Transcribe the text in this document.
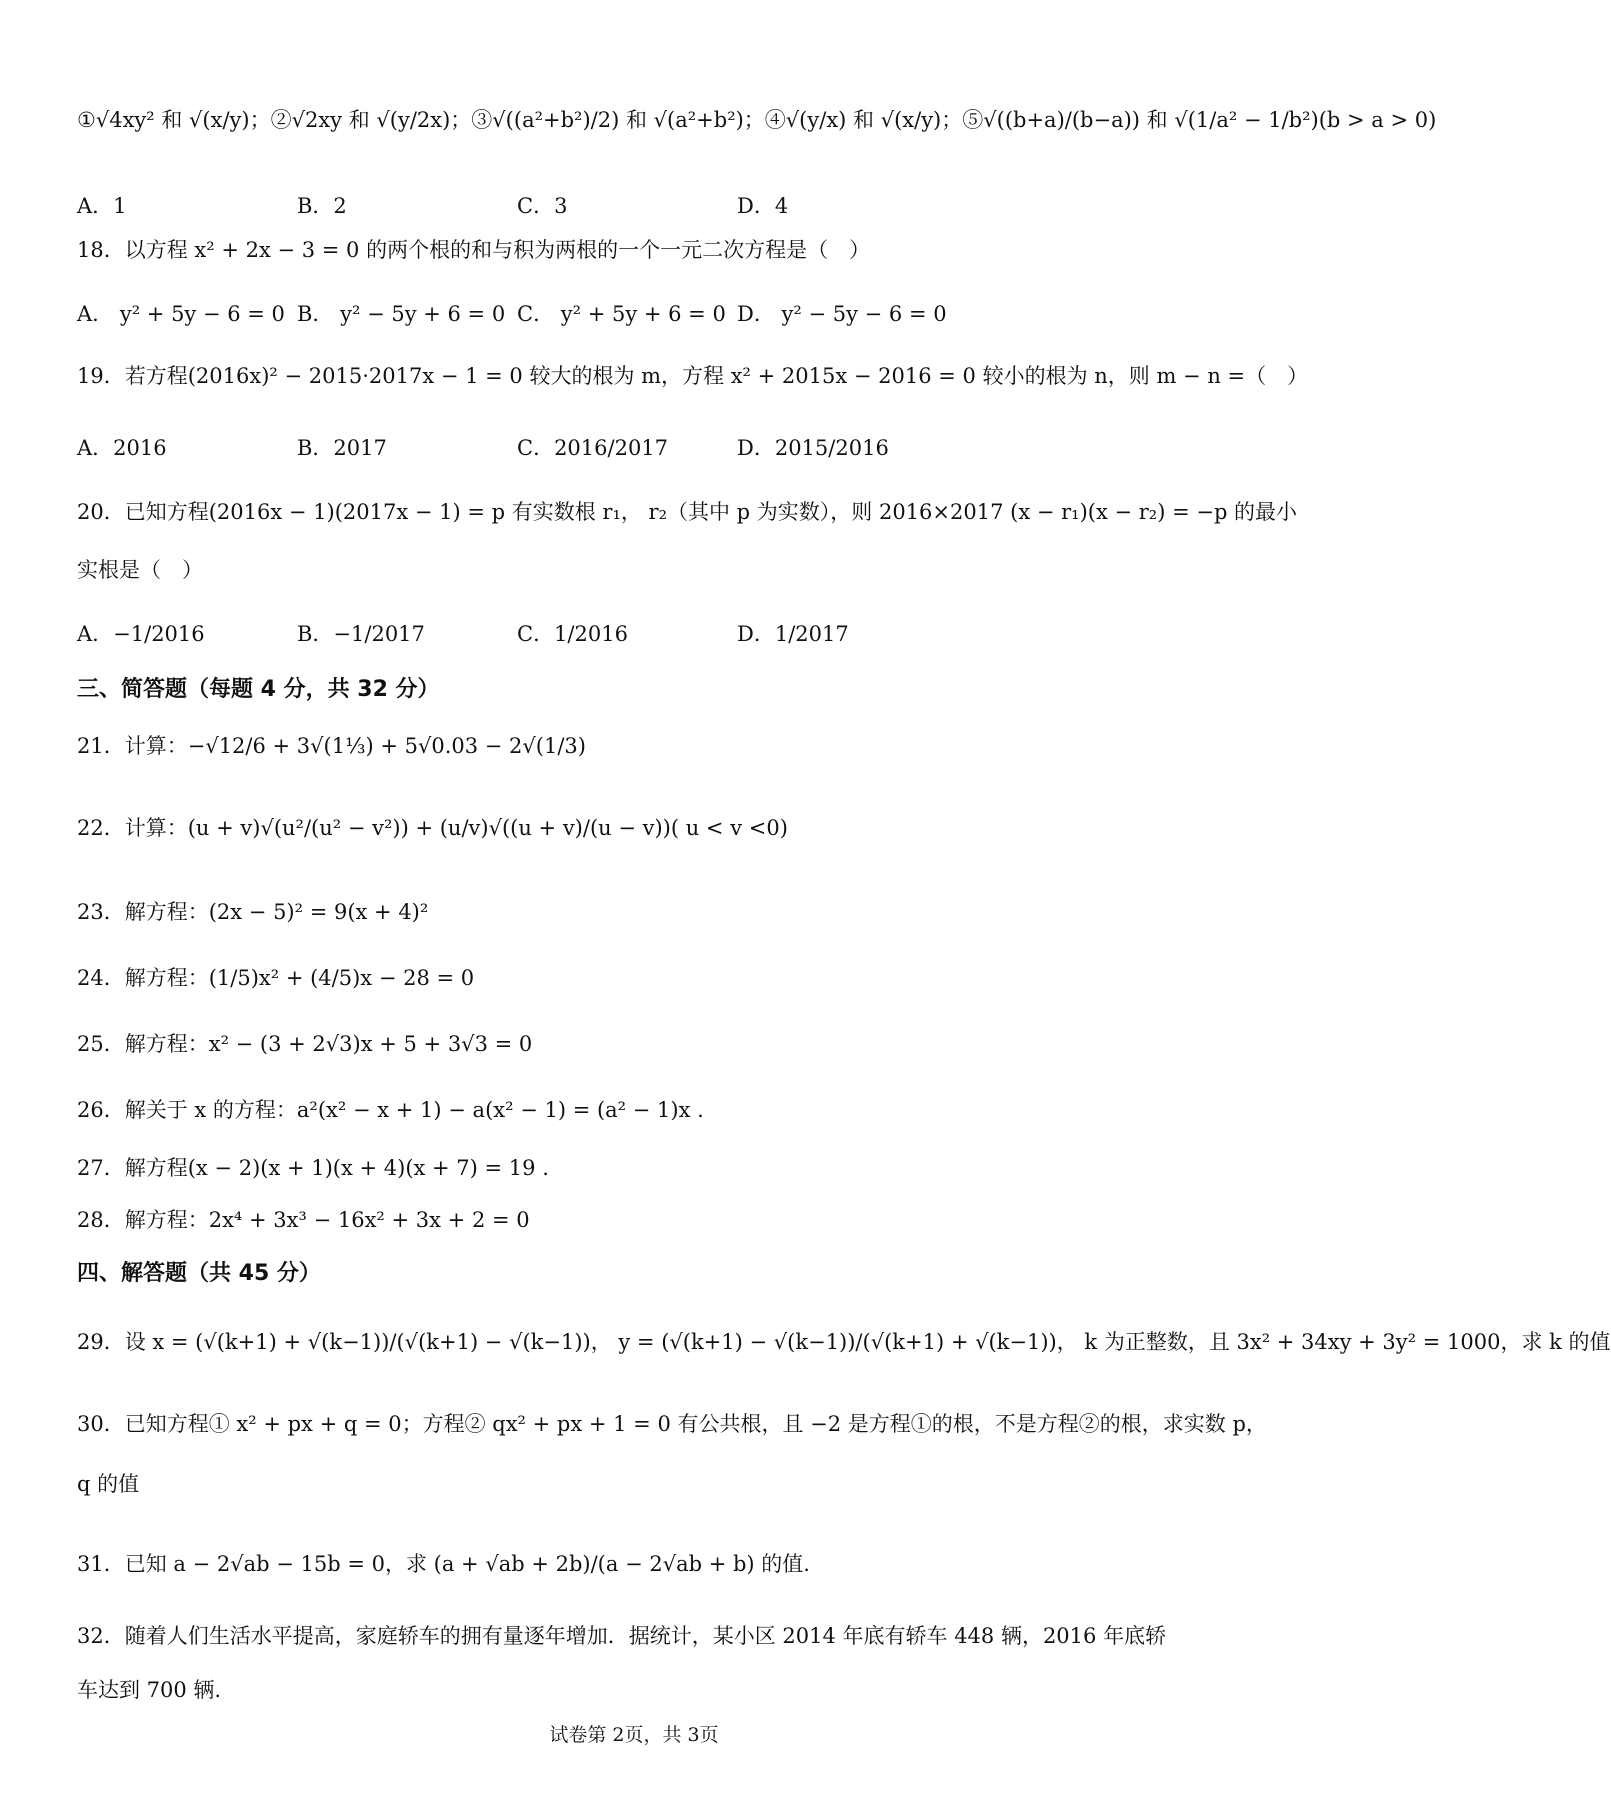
①√4xy² 和 √(x/y)；②√2xy 和 √(y/2x)；③√((a²+b²)/2) 和 √(a²+b²)；④√(y/x) 和 √(x/y)；⑤√((b+a)/(b−a)) 和 √(1/a² − 1/b²)(b > a > 0)
A．1	B．2	C．3	D．4
18．以方程 x² + 2x − 3 = 0 的两个根的和与积为两根的一个一元二次方程是（　）
A． y² + 5y − 6 = 0 B． y² − 5y + 6 = 0 C． y² + 5y + 6 = 0 D． y² − 5y − 6 = 0
19．若方程(2016x)² − 2015·2017x − 1 = 0 较大的根为 m，方程 x² + 2015x − 2016 = 0 较小的根为 n，则 m − n =（　）
A．2016	B．2017	C．2016/2017	D．2015/2016
20．已知方程(2016x − 1)(2017x − 1) = p 有实数根 r₁， r₂（其中 p 为实数），则 2016×2017 (x − r₁)(x − r₂) = −p 的最小
实根是（　）
A．−1/2016	B．−1/2017	C．1/2016	D．1/2017
三、简答题（每题 4 分，共 32 分）
21．计算：−√12/6 + 3√(1⅓) + 5√0.03 − 2√(1/3)
22．计算：(u + v)√(u²/(u² − v²)) + (u/v)√((u + v)/(u − v))( u < v <0)
23．解方程：(2x − 5)² = 9(x + 4)²
24．解方程：(1/5)x² + (4/5)x − 28 = 0
25．解方程：x² − (3 + 2√3)x + 5 + 3√3 = 0
26．解关于 x 的方程：a²(x² − x + 1) − a(x² − 1) = (a² − 1)x .
27．解方程(x − 2)(x + 1)(x + 4)(x + 7) = 19 .
28．解方程：2x⁴ + 3x³ − 16x² + 3x + 2 = 0
四、解答题（共 45 分）
29．设 x = (√(k+1) + √(k−1))/(√(k+1) − √(k−1))， y = (√(k+1) − √(k−1))/(√(k+1) + √(k−1))， k 为正整数，且 3x² + 34xy + 3y² = 1000，求 k 的值
30．已知方程① x² + px + q = 0；方程② qx² + px + 1 = 0 有公共根，且 −2 是方程①的根，不是方程②的根，求实数 p，
q 的值
31．已知 a − 2√ab − 15b = 0，求 (a + √ab + 2b)/(a − 2√ab + b) 的值.
32．随着人们生活水平提高，家庭轿车的拥有量逐年增加．据统计，某小区 2014 年底有轿车 448 辆，2016 年底轿
车达到 700 辆.
试卷第 2页，共 3页
